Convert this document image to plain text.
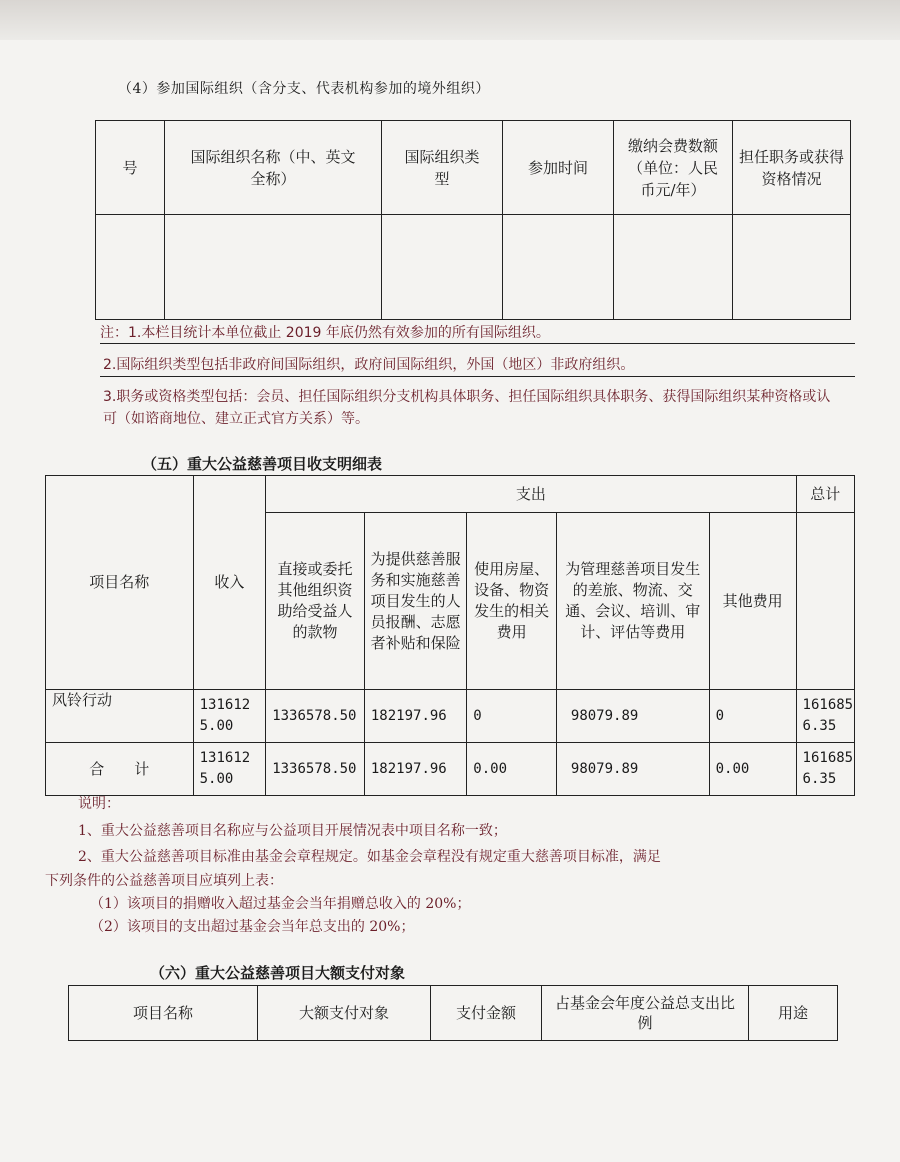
（4）参加国际组织（含分支、代表机构参加的境外组织）
号	国际组织名称（中、英文全称）	国际组织类型	参加时间	缴纳会费数额（单位：人民币元/年）	担任职务或获得资格情况

注：1.本栏目统计本单位截止 2019 年底仍然有效参加的所有国际组织。
2.国际组织类型包括非政府间国际组织，政府间国际组织，外国（地区）非政府组织。
3.职务或资格类型包括：会员、担任国际组织分支机构具体职务、担任国际组织具体职务、获得国际组织某种资格或认可（如谘商地位、建立正式官方关系）等。
（五）重大公益慈善项目收支明细表
项目名称	收入	支出					总计
		直接或委托其他组织资助给受益人的款物	为提供慈善服务和实施慈善项目发生的人员报酬、志愿者补贴和保险	使用房屋、设备、物资发生的相关费用	为管理慈善项目发生的差旅、物流、交通、会议、培训、审计、评估等费用	其他费用	
风铃行动	1316125.00	1336578.50	182197.96	0	98079.89	0	1616856.35
合　　计	1316125.00	1336578.50	182197.96	0.00	98079.89	0.00	1616856.35
说明：
1、重大公益慈善项目名称应与公益项目开展情况表中项目名称一致；
2、重大公益慈善项目标准由基金会章程规定。如基金会章程没有规定重大慈善项目标准，满足
下列条件的公益慈善项目应填列上表：
（1）该项目的捐赠收入超过基金会当年捐赠总收入的 20%；
（2）该项目的支出超过基金会当年总支出的 20%；
（六）重大公益慈善项目大额支付对象
项目名称	大额支付对象	支付金额	占基金会年度公益总支出比例	用途
